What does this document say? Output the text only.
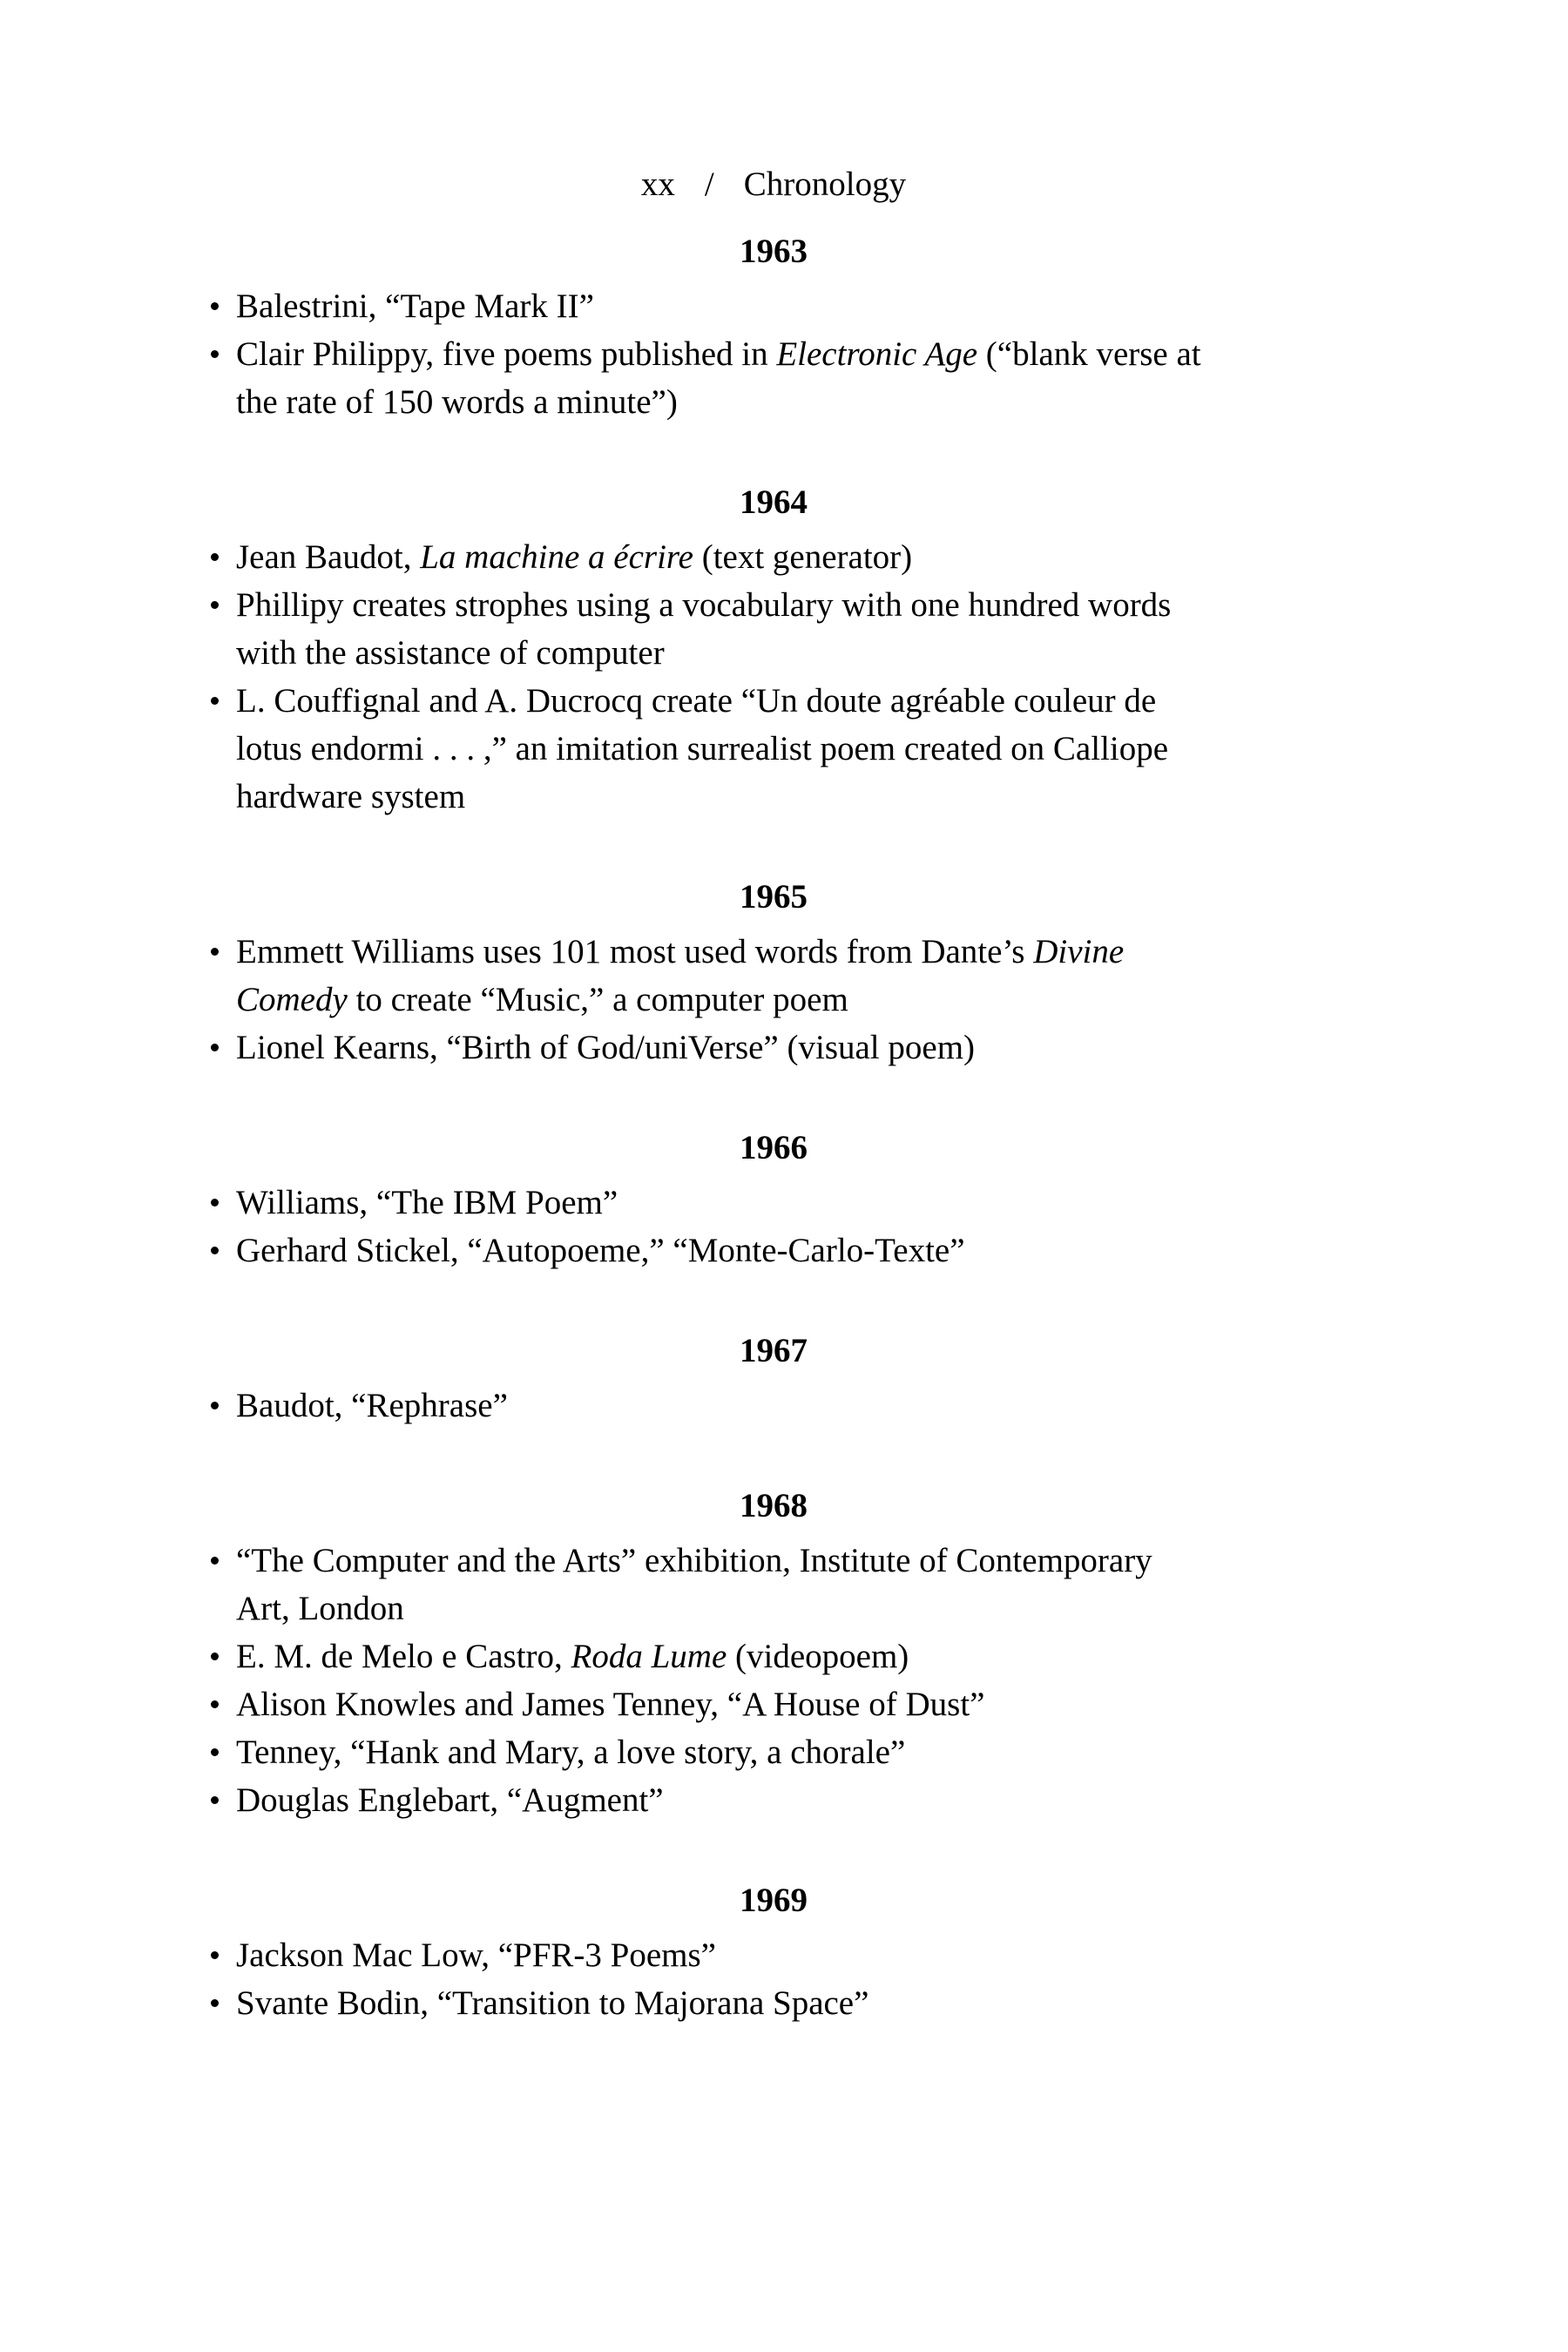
xx / Chronology
1963
Balestrini, “Tape Mark II”
Clair Philippy, five poems published in Electronic Age (“blank verse at
the rate of 150 words a minute”)
1964
Jean Baudot, La machine a écrire (text generator)
Phillipy creates strophes using a vocabulary with one hundred words
with the assistance of computer
L. Couffignal and A. Ducrocq create “Un doute agréable couleur de
lotus endormi . . . ,” an imitation surrealist poem created on Calliope
hardware system
1965
Emmett Williams uses 101 most used words from Dante’s Divine
Comedy to create “Music,” a computer poem
Lionel Kearns, “Birth of God/uniVerse” (visual poem)
1966
Williams, “The IBM Poem”
Gerhard Stickel, “Autopoeme,” “Monte-Carlo-Texte”
1967
Baudot, “Rephrase”
1968
“The Computer and the Arts” exhibition, Institute of Contemporary
Art, London
E. M. de Melo e Castro, Roda Lume (videopoem)
Alison Knowles and James Tenney, “A House of Dust”
Tenney, “Hank and Mary, a love story, a chorale”
Douglas Englebart, “Augment”
1969
Jackson Mac Low, “PFR-3 Poems”
Svante Bodin, “Transition to Majorana Space”
